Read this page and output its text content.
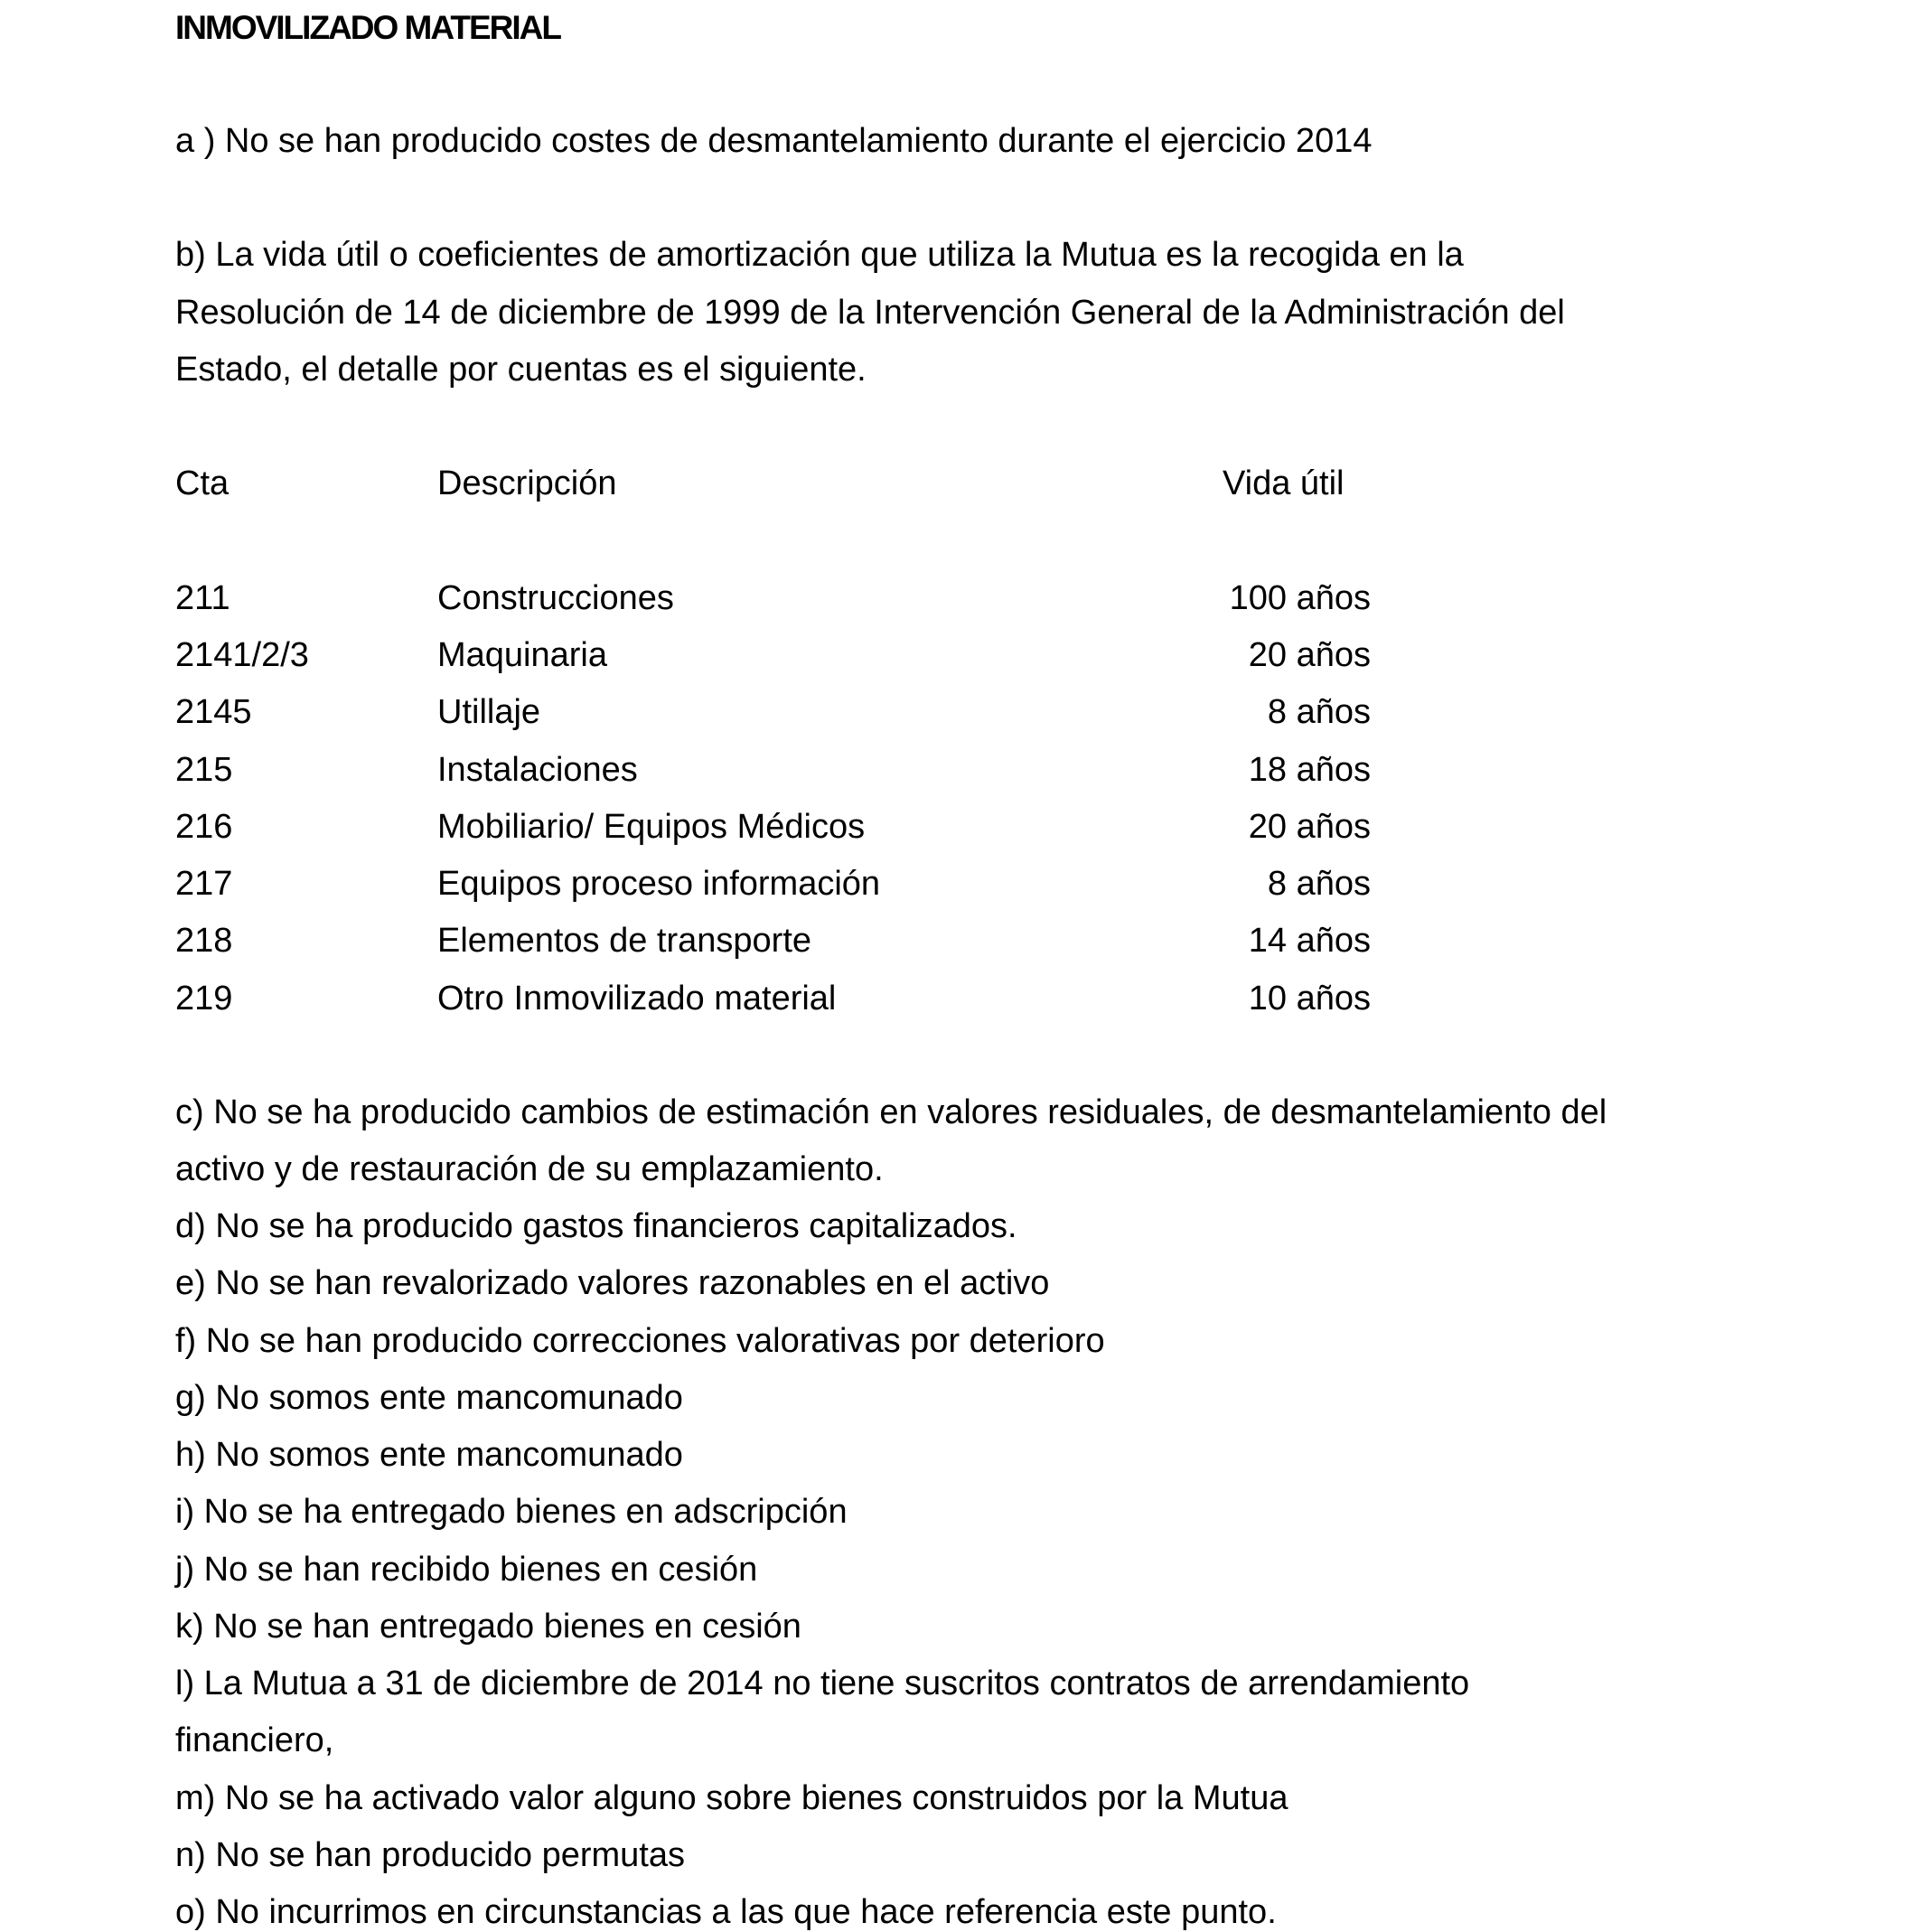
INMOVILIZADO MATERIAL
a ) No se han producido costes de desmantelamiento durante el ejercicio 2014
b) La vida útil o coeficientes de amortización que utiliza la Mutua es la recogida en la
Resolución de 14 de diciembre de 1999 de la Intervención General de la Administración del
Estado, el detalle por cuentas es el siguiente.
Cta	Descripción	Vida útil
211	Construcciones	100 años
2141/2/3	Maquinaria	20 años
2145	Utillaje	8 años
215	Instalaciones	18 años
216	Mobiliario/ Equipos Médicos	20 años
217	Equipos proceso información	8 años
218	Elementos de transporte	14 años
219	Otro Inmovilizado material	10 años
c) No se ha producido cambios de estimación en valores residuales, de desmantelamiento del
activo y de restauración de su emplazamiento.
d) No se ha producido gastos financieros capitalizados.
e) No se han revalorizado valores razonables en el activo
f) No se han producido correcciones valorativas por deterioro
g) No somos ente mancomunado
h) No somos ente mancomunado
i) No se ha entregado bienes en adscripción
j) No se han recibido bienes en cesión
k) No se han entregado bienes en cesión
l) La Mutua a 31 de diciembre de 2014 no tiene suscritos contratos de arrendamiento
financiero,
m) No se ha activado valor alguno sobre bienes construidos por la Mutua
n) No se han producido permutas
o) No incurrimos en circunstancias a las que hace referencia este punto.
